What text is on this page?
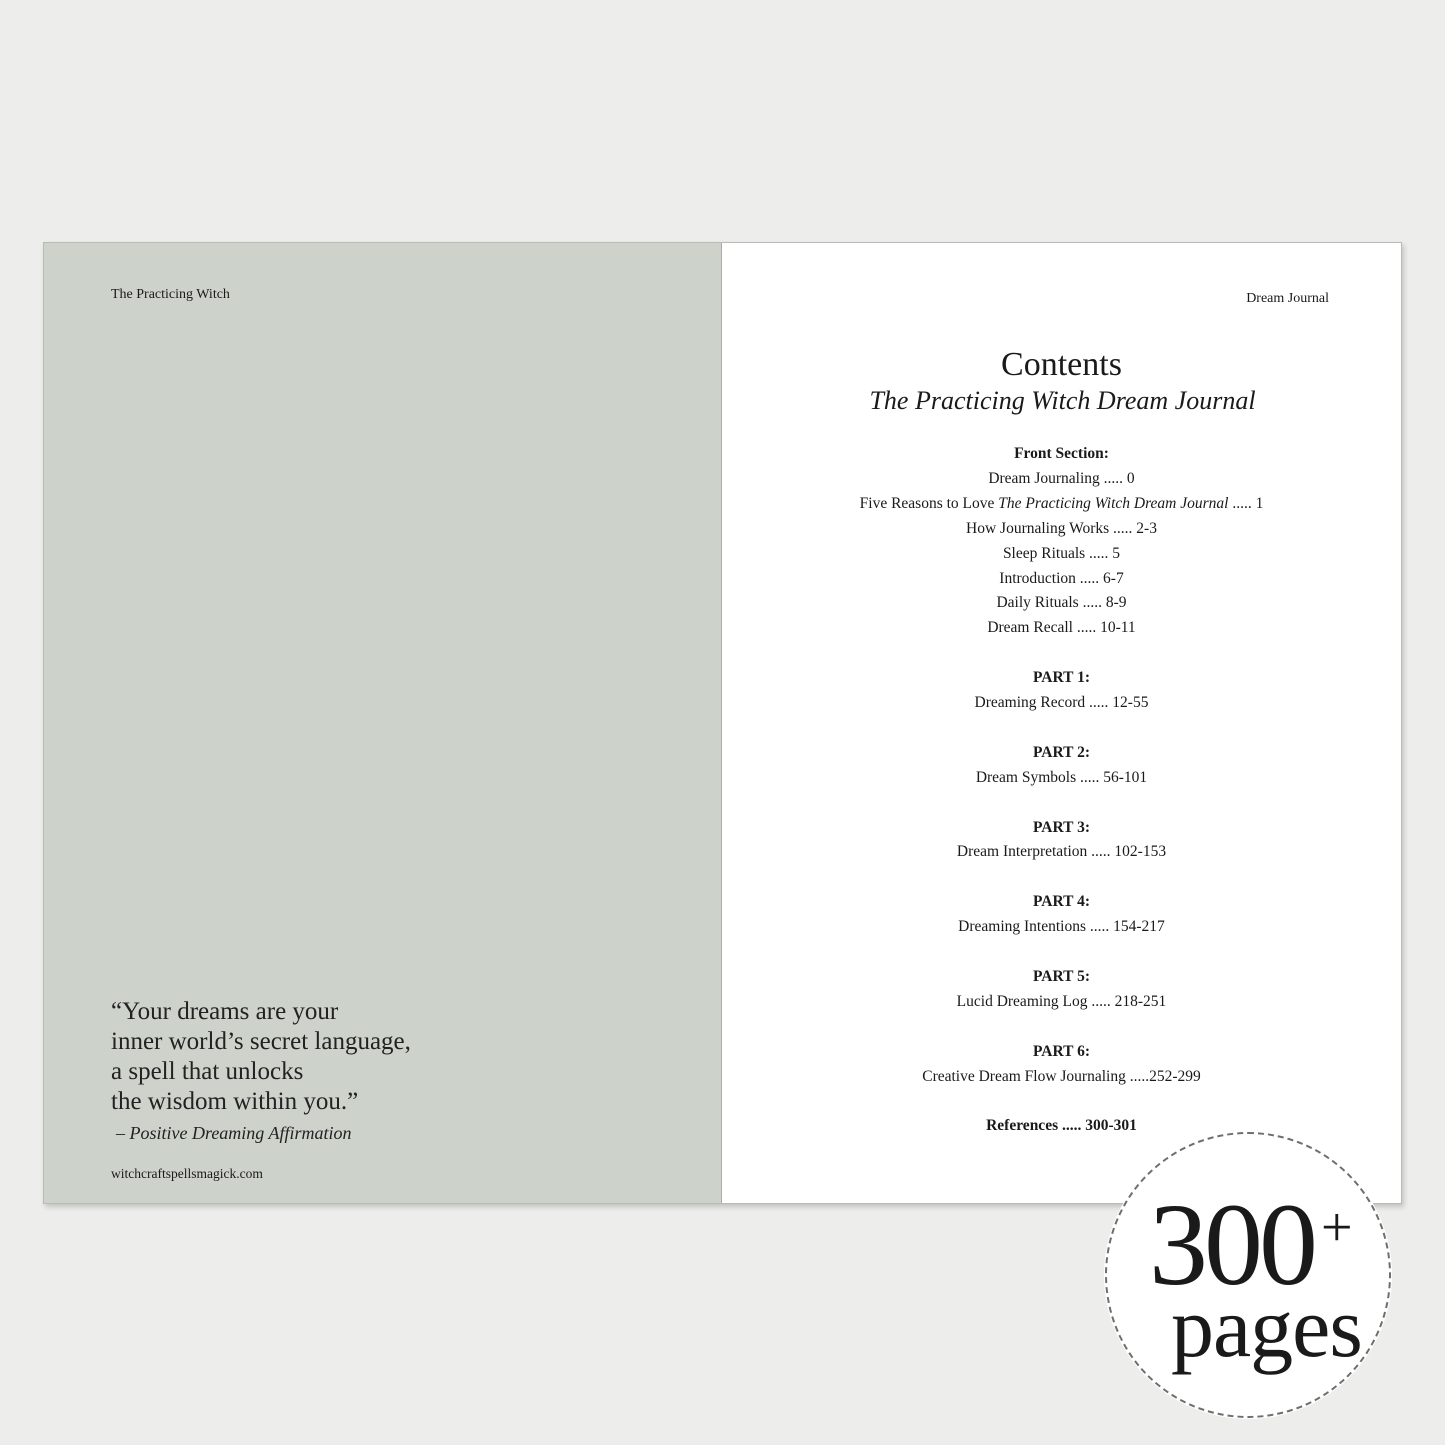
The Practicing Witch
“Your dreams are your
inner world’s secret language,
a spell that unlocks
the wisdom within you.”
– Positive Dreaming Affirmation
witchcraftspellsmagick.com
Dream Journal
Contents
The Practicing Witch Dream Journal
Front Section:
Dream Journaling ..... 0
Five Reasons to Love The Practicing Witch Dream Journal ..... 1
How Journaling Works ..... 2-3
Sleep Rituals ..... 5
Introduction ..... 6-7
Daily Rituals ..... 8-9
Dream Recall ..... 10-11
PART 1:
Dreaming Record ..... 12-55
PART 2:
Dream Symbols ..... 56-101
PART 3:
Dream Interpretation ..... 102-153
PART 4:
Dreaming Intentions ..... 154-217
PART 5:
Lucid Dreaming Log ..... 218-251
PART 6:
Creative Dream Flow Journaling .....252-299
References ..... 300-301
300 +
pages
